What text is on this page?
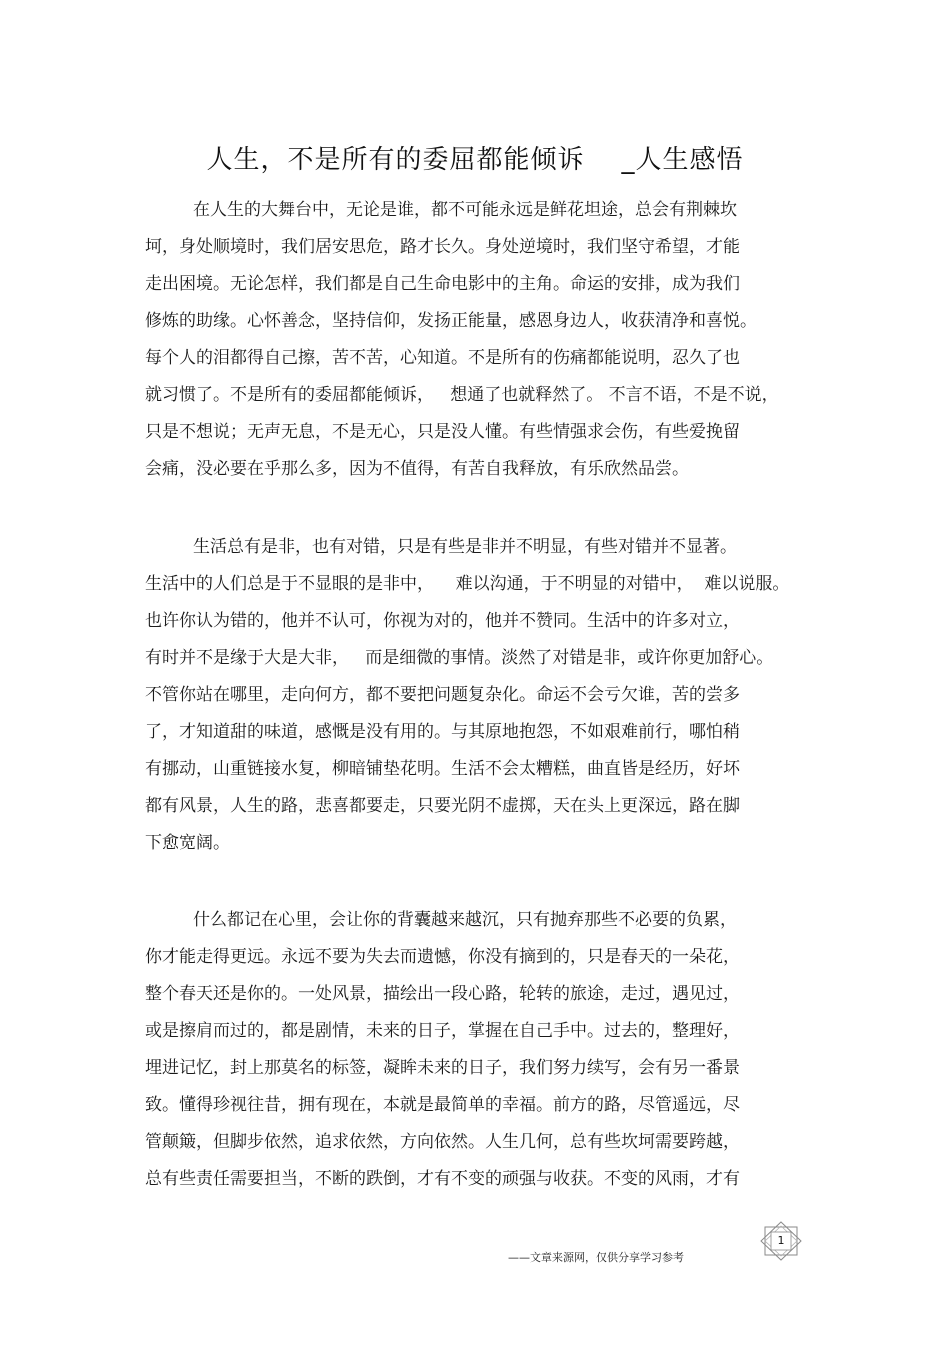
人生，不是所有的委屈都能倾诉    _人生感悟
在人生的大舞台中，无论是谁，都不可能永远是鲜花坦途，总会有荆棘坎
坷，身处顺境时，我们居安思危，路才长久。身处逆境时，我们坚守希望，才能
走出困境。无论怎样，我们都是自己生命电影中的主角。命运的安排，成为我们
修炼的助缘。心怀善念，坚持信仰，发扬正能量，感恩身边人，收获清净和喜悦。
每个人的泪都得自己擦，苦不苦，心知道。不是所有的伤痛都能说明，忍久了也
就习惯了。不是所有的委屈都能倾诉，   想通了也就释然了。 不言不语，不是不说，
只是不想说；无声无息，不是无心，只是没人懂。有些情强求会伤，有些爱挽留
会痛，没必要在乎那么多，因为不值得，有苦自我释放，有乐欣然品尝。
生活总有是非，也有对错，只是有些是非并不明显，有些对错并不显著。
生活中的人们总是于不显眼的是非中，    难以沟通，于不明显的对错中，  难以说服。
也许你认为错的，他并不认可，你视为对的，他并不赞同。生活中的许多对立，
有时并不是缘于大是大非，   而是细微的事情。淡然了对错是非，或许你更加舒心。
不管你站在哪里，走向何方，都不要把问题复杂化。命运不会亏欠谁，苦的尝多
了，才知道甜的味道，感慨是没有用的。与其原地抱怨，不如艰难前行，哪怕稍
有挪动，山重链接水复，柳暗铺垫花明。生活不会太糟糕，曲直皆是经历，好坏
都有风景，人生的路，悲喜都要走，只要光阴不虚掷，天在头上更深远，路在脚
下愈宽阔。
什么都记在心里，会让你的背囊越来越沉，只有抛弃那些不必要的负累，
你才能走得更远。永远不要为失去而遗憾，你没有摘到的，只是春天的一朵花，
整个春天还是你的。一处风景，描绘出一段心路，轮转的旅途，走过，遇见过，
或是擦肩而过的，都是剧情，未来的日子，掌握在自己手中。过去的，整理好，
埋进记忆，封上那莫名的标签，凝眸未来的日子，我们努力续写，会有另一番景
致。懂得珍视往昔，拥有现在，本就是最简单的幸福。前方的路，尽管遥远，尽
管颠簸，但脚步依然，追求依然，方向依然。人生几何，总有些坎坷需要跨越，
总有些责任需要担当，不断的跌倒，才有不变的顽强与收获。不变的风雨，才有
1
——文章来源网，仅供分享学习参考
